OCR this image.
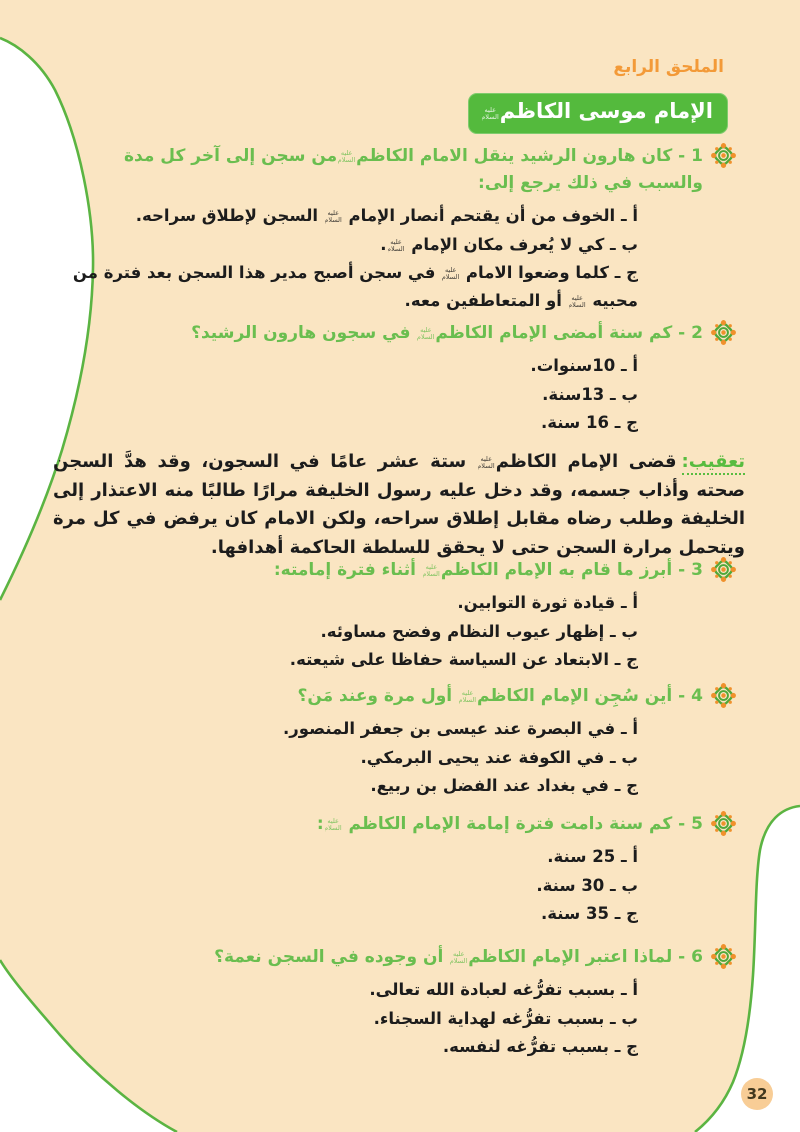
الملحق الرابع
الإمام موسى الكاظمعليه السلام
1 - كان هارون الرشيد ينقل الامام الكاظمعليه السلاممن سجن إلى آخر كل مدة والسبب في ذلك يرجع إلى:
أ ـ الخوف من أن يقتحم أنصار الإمام عليه السلام السجن لإطلاق سراحه.
ب ـ كي لا يُعرف مكان الإمام عليه السلام.
ج ـ كلما وضعوا الامام عليه السلام في سجن أصبح مدير هذا السجن بعد فترة من محبيه عليه السلام أو المتعاطفين معه.
2 - كم سنة أمضى الإمام الكاظمعليه السلام في سجون هارون الرشيد؟
أ ـ 10سنوات.
ب ـ 13سنة.
ج ـ 16 سنة.
3 - أبرز ما قام به الإمام الكاظمعليه السلام أثناء فترة إمامته:
أ ـ قيادة ثورة التوابين.
ب ـ إظهار عيوب النظام وفضح مساوئه.
ج ـ الابتعاد عن السياسة حفاظا على شيعته.
4 - أين سُجِن الإمام الكاظمعليه السلام أول مرة وعند مَن؟
أ ـ في البصرة عند عيسى بن جعفر المنصور.
ب ـ في الكوفة عند يحيى البرمكي.
ج ـ في بغداد عند الفضل بن ربيع.
5 - كم سنة دامت فترة إمامة الإمام الكاظم عليه السلام:
أ ـ 25 سنة.
ب ـ 30 سنة.
ج ـ 35 سنة.
6 - لماذا اعتبر الإمام الكاظمعليه السلام أن وجوده في السجن نعمة؟
أ ـ بسبب تفرُّغه لعبادة الله تعالى.
ب ـ بسبب تفرُّغه لهداية السجناء.
ج ـ بسبب تفرُّغه لنفسه.

تعقيب:قضى الإمام الكاظمعليه السلام ستة عشر عامًا في السجون، وقد هدَّ السجن صحته وأذاب جسمه، وقد دخل عليه رسول الخليفة مرارًا طالبًا منه الاعتذار إلى الخليفة وطلب رضاه مقابل إطلاق سراحه، ولكن الامام كان يرفض في كل مرة ويتحمل مرارة السجن حتى لا يحقق للسلطة الحاكمة أهدافها.

32
